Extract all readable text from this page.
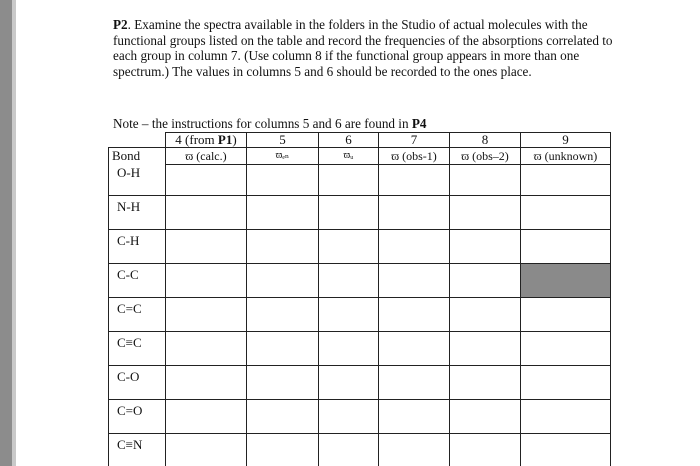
P2. Examine the spectra available in the folders in the Studio of actual molecules with the functional groups listed on the table and record the frequencies of the absorptions correlated to each group in column 7. (Use column 8 if the functional group appears in more than one spectrum.) The values in columns 5 and 6 should be recorded to the ones place.

Note – the instructions for columns 5 and 6 are found in P4
	4 (from P1)	5	6	7	8	9
Bond	ϖ (calc.)	ϖₑₙ	ϖᵤ	ϖ (obs-1)	ϖ (obs–2)	ϖ (unknown)
O-H						
N-H						
C-H						
C-C						
C=C						
C≡C						
C-O						
C=O						
C≡N						
